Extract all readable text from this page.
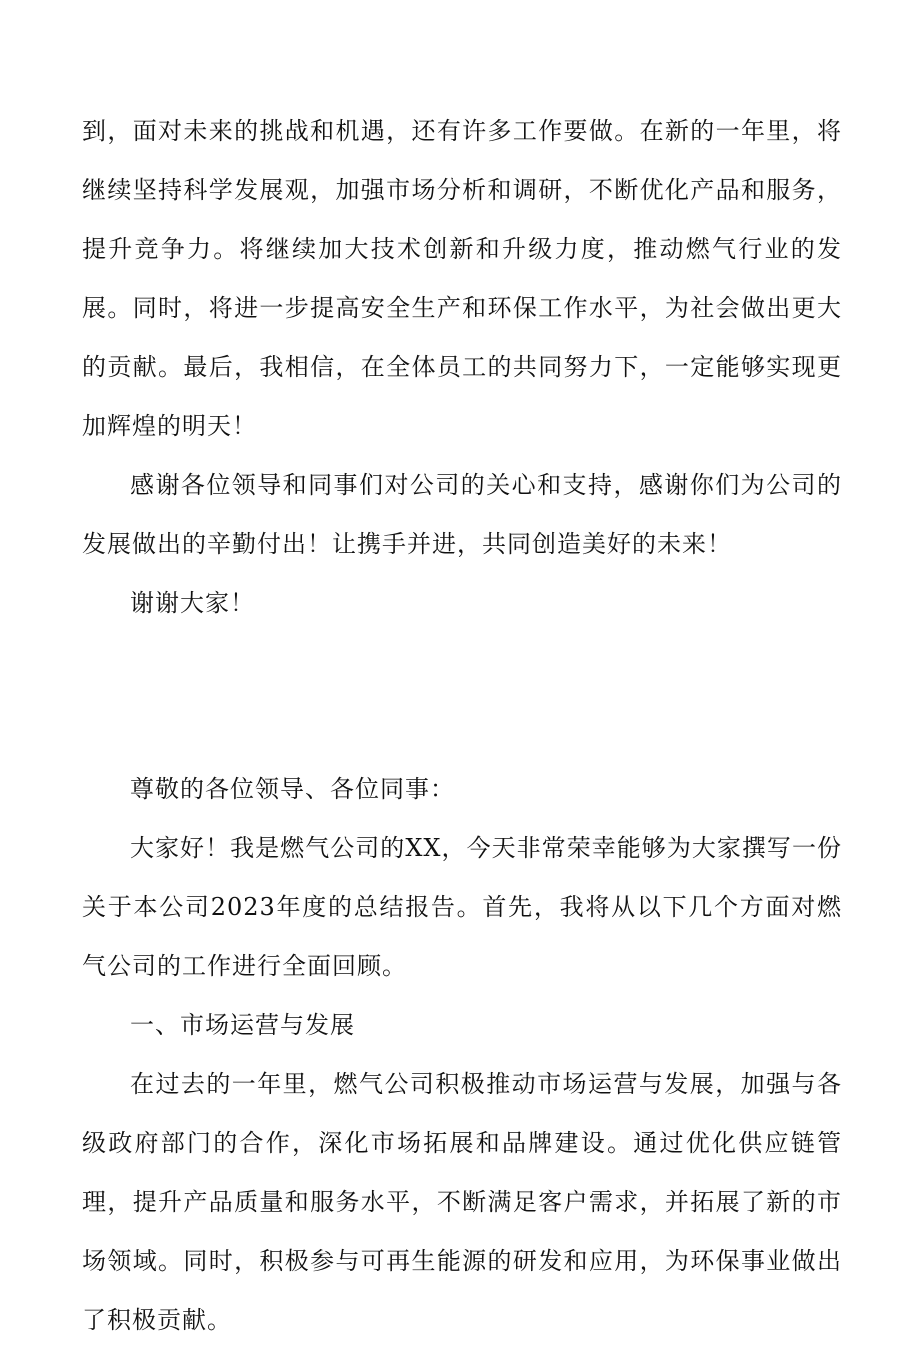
到，面对未来的挑战和机遇，还有许多工作要做。在新的一年里，将继续坚持科学发展观，加强市场分析和调研，不断优化产品和服务，提升竞争力。将继续加大技术创新和升级力度，推动燃气行业的发展。同时，将进一步提高安全生产和环保工作水平，为社会做出更大的贡献。最后，我相信，在全体员工的共同努力下，一定能够实现更加辉煌的明天！

感谢各位领导和同事们对公司的关心和支持，感谢你们为公司的发展做出的辛勤付出！让携手并进，共同创造美好的未来！

谢谢大家！

尊敬的各位领导、各位同事：

大家好！我是燃气公司的XX，今天非常荣幸能够为大家撰写一份关于本公司2023年度的总结报告。首先，我将从以下几个方面对燃气公司的工作进行全面回顾。

一、市场运营与发展

在过去的一年里，燃气公司积极推动市场运营与发展，加强与各级政府部门的合作，深化市场拓展和品牌建设。通过优化供应链管理，提升产品质量和服务水平，不断满足客户需求，并拓展了新的市场领域。同时，积极参与可再生能源的研发和应用，为环保事业做出了积极贡献。
